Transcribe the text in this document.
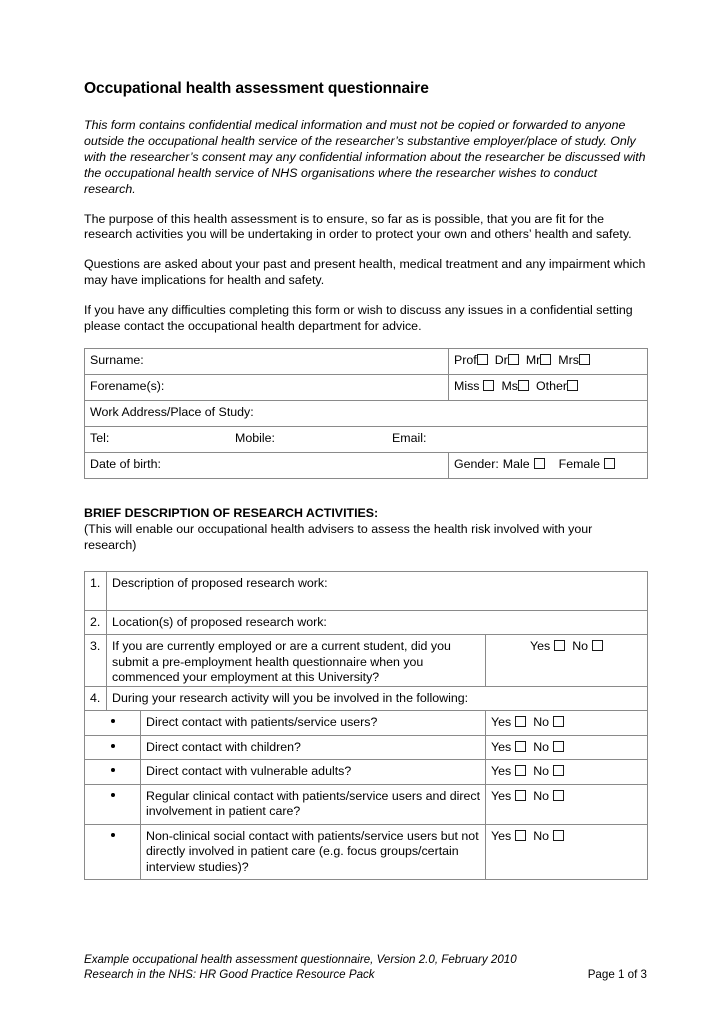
Occupational health assessment questionnaire

This form contains confidential medical information and must not be copied or forwarded to anyone outside the occupational health service of the researcher’s substantive employer/place of study. Only with the researcher’s consent may any confidential information about the researcher be discussed with the occupational health service of NHS organisations where the researcher wishes to conduct research.

The purpose of this health assessment is to ensure, so far as is possible, that you are fit for the research activities you will be undertaking in order to protect your own and others’ health and safety.

Questions are asked about your past and present health, medical treatment and any impairment which may have implications for health and safety.

If you have any difficulties completing this form or wish to discuss any issues in a confidential setting please contact the occupational health department for advice.

Surname:	Prof Dr Mr Mrs
Forename(s):	Miss Ms Other
Work Address/Place of Study:	
Tel: Mobile: Email:	
Date of birth:	Gender: Male Female
BRIEF DESCRIPTION OF RESEARCH ACTIVITIES:

(This will enable our occupational health advisers to assess the health risk involved with your research)

1.	Description of proposed research work:		
2.	Location(s) of proposed research work:		
3.	If you are currently employed or are a current student, did you submit a pre-employment health questionnaire when you commenced your employment at this University?		Yes No
4.	During your research activity will you be involved in the following:		
		Direct contact with patients/service users?	Yes No
		Direct contact with children?	Yes No
		Direct contact with vulnerable adults?	Yes No
		Regular clinical contact with patients/service users and direct involvement in patient care?	Yes No
		Non-clinical social contact with patients/service users but not directly involved in patient care (e.g. focus groups/certain interview studies)?	Yes No
Example occupational health assessment questionnaire, Version 2.0, February 2010
Research in the NHS: HR Good Practice Resource Pack	Page 1 of 3
